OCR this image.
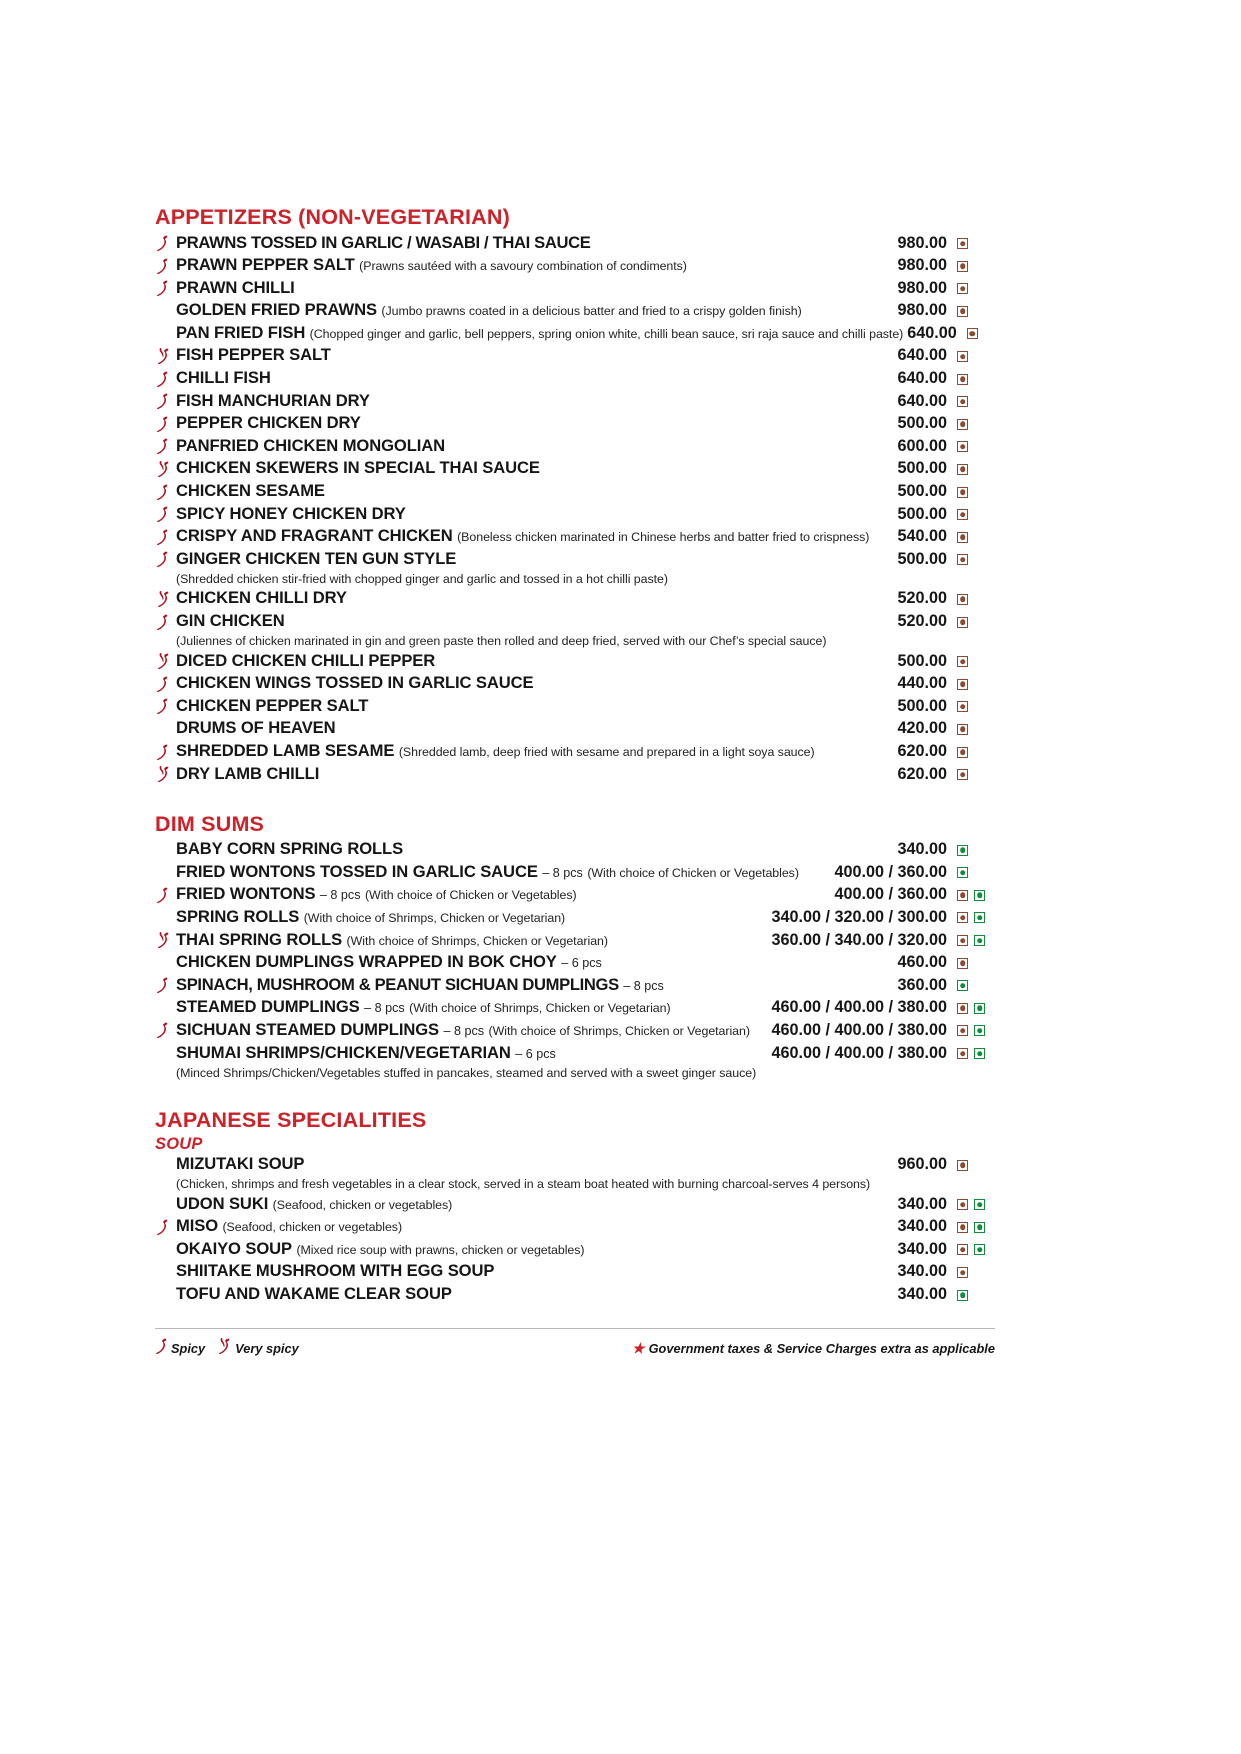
APPETIZERS (NON-VEGETARIAN)
PRAWNS TOSSED IN GARLIC / WASABI / THAI SAUCE	980.00
PRAWN PEPPER SALT (Prawns sautéed with a savoury combination of condiments)	980.00
PRAWN CHILLI	980.00
GOLDEN FRIED PRAWNS (Jumbo prawns coated in a delicious batter and fried to a crispy golden finish)	980.00
PAN FRIED FISH (Chopped ginger and garlic, bell peppers, spring onion white, chilli bean sauce, sri raja sauce and chilli paste) 640.00
FISH PEPPER SALT	640.00
CHILLI FISH	640.00
FISH MANCHURIAN DRY	640.00
PEPPER CHICKEN DRY	500.00
PANFRIED CHICKEN MONGOLIAN	600.00
CHICKEN SKEWERS IN SPECIAL THAI SAUCE	500.00
CHICKEN SESAME	500.00
SPICY HONEY CHICKEN DRY	500.00
CRISPY AND FRAGRANT CHICKEN (Boneless chicken marinated in Chinese herbs and batter fried to crispness)	540.00
GINGER CHICKEN TEN GUN STYLE	500.00
(Shredded chicken stir-fried with chopped ginger and garlic and tossed in a hot chilli paste)
CHICKEN CHILLI DRY	520.00
GIN CHICKEN	520.00
(Juliennes of chicken marinated in gin and green paste then rolled and deep fried, served with our Chef’s special sauce)
DICED CHICKEN CHILLI PEPPER	500.00
CHICKEN WINGS TOSSED IN GARLIC SAUCE	440.00
CHICKEN PEPPER SALT	500.00
DRUMS OF HEAVEN	420.00
SHREDDED LAMB SESAME (Shredded lamb, deep fried with sesame and prepared in a light soya sauce)	620.00
DRY LAMB CHILLI	620.00
DIM SUMS
BABY CORN SPRING ROLLS	340.00
FRIED WONTONS TOSSED IN GARLIC SAUCE – 8 pcs (With choice of Chicken or Vegetables)	400.00 / 360.00
FRIED WONTONS – 8 pcs (With choice of Chicken or Vegetables)	400.00 / 360.00
SPRING ROLLS (With choice of Shrimps, Chicken or Vegetarian)	340.00 / 320.00 / 300.00
THAI SPRING ROLLS (With choice of Shrimps, Chicken or Vegetarian)	360.00 / 340.00 / 320.00
CHICKEN DUMPLINGS WRAPPED IN BOK CHOY – 6 pcs	460.00
SPINACH, MUSHROOM & PEANUT SICHUAN DUMPLINGS – 8 pcs	360.00
STEAMED DUMPLINGS – 8 pcs (With choice of Shrimps, Chicken or Vegetarian)	460.00 / 400.00 / 380.00
SICHUAN STEAMED DUMPLINGS – 8 pcs (With choice of Shrimps, Chicken or Vegetarian)	460.00 / 400.00 / 380.00
SHUMAI SHRIMPS/CHICKEN/VEGETARIAN – 6 pcs	460.00 / 400.00 / 380.00
(Minced Shrimps/Chicken/Vegetables stuffed in pancakes, steamed and served with a sweet ginger sauce)
JAPANESE SPECIALITIES
SOUP
MIZUTAKI SOUP	960.00
(Chicken, shrimps and fresh vegetables in a clear stock, served in a steam boat heated with burning charcoal-serves 4 persons)
UDON SUKI (Seafood, chicken or vegetables)	340.00
MISO (Seafood, chicken or vegetables)	340.00
OKAIYO SOUP (Mixed rice soup with prawns, chicken or vegetables)	340.00
SHIITAKE MUSHROOM WITH EGG SOUP	340.00
TOFU AND WAKAME CLEAR SOUP	340.00
Spicy Very spicy	★ Government taxes & Service Charges extra as applicable
